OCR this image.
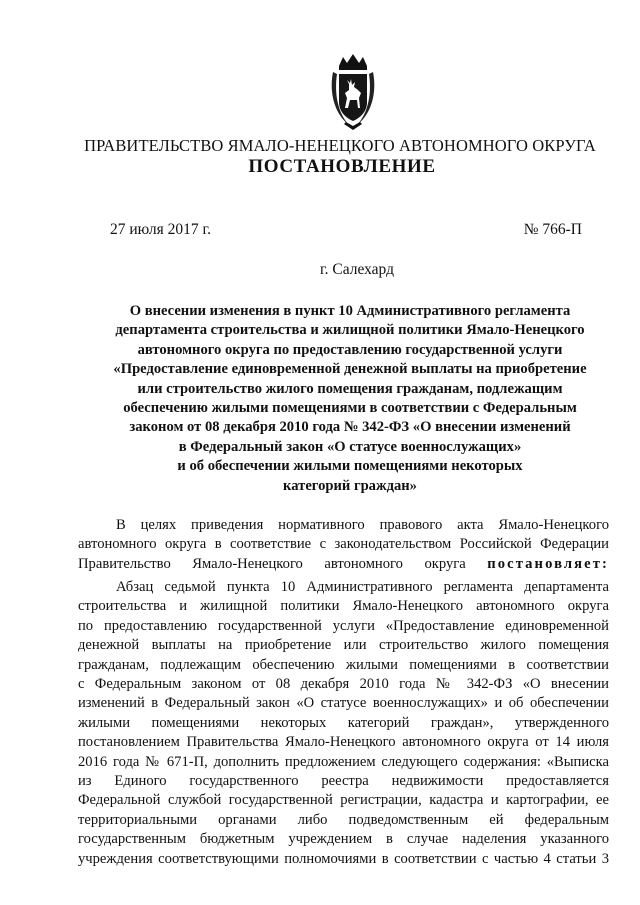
ПРАВИТЕЛЬСТВО ЯМАЛО-НЕНЕЦКОГО АВТОНОМНОГО ОКРУГА
ПОСТАНОВЛЕНИЕ
27 июля 2017 г.	№ 766-П
г. Салехард
О внесении изменения в пункт 10 Административного регламента
департамента строительства и жилищной политики Ямало-Ненецкого
автономного округа по предоставлению государственной услуги
«Предоставление единовременной денежной выплаты на приобретение
или строительство жилого помещения гражданам, подлежащим
обеспечению жилыми помещениями в соответствии с Федеральным
законом от 08 декабря 2010 года № 342-ФЗ «О внесении изменений
в Федеральный закон «О статусе военнослужащих»
и об обеспечении жилыми помещениями некоторых
категорий граждан»
В целях приведения нормативного правового акта Ямало-Ненецкого
автономного округа в соответствие с законодательством Российской Федерации
Правительство Ямало-Ненецкого автономного округа постановляет:
Абзац седьмой пункта 10 Административного регламента департамента
строительства и жилищной политики Ямало-Ненецкого автономного округа
по предоставлению государственной услуги «Предоставление единовременной
денежной выплаты на приобретение или строительство жилого помещения
гражданам, подлежащим обеспечению жилыми помещениями в соответствии
с Федеральным законом от 08 декабря 2010 года № 342-ФЗ «О внесении
изменений в Федеральный закон «О статусе военнослужащих» и об обеспечении
жилыми помещениями некоторых категорий граждан», утвержденного
постановлением Правительства Ямало-Ненецкого автономного округа от 14 июля
2016 года № 671-П, дополнить предложением следующего содержания: «Выписка
из Единого государственного реестра недвижимости предоставляется
Федеральной службой государственной регистрации, кадастра и картографии, ее
территориальными органами либо подведомственным ей федеральным
государственным бюджетным учреждением в случае наделения указанного
учреждения соответствующими полномочиями в соответствии с частью 4 статьи 3
